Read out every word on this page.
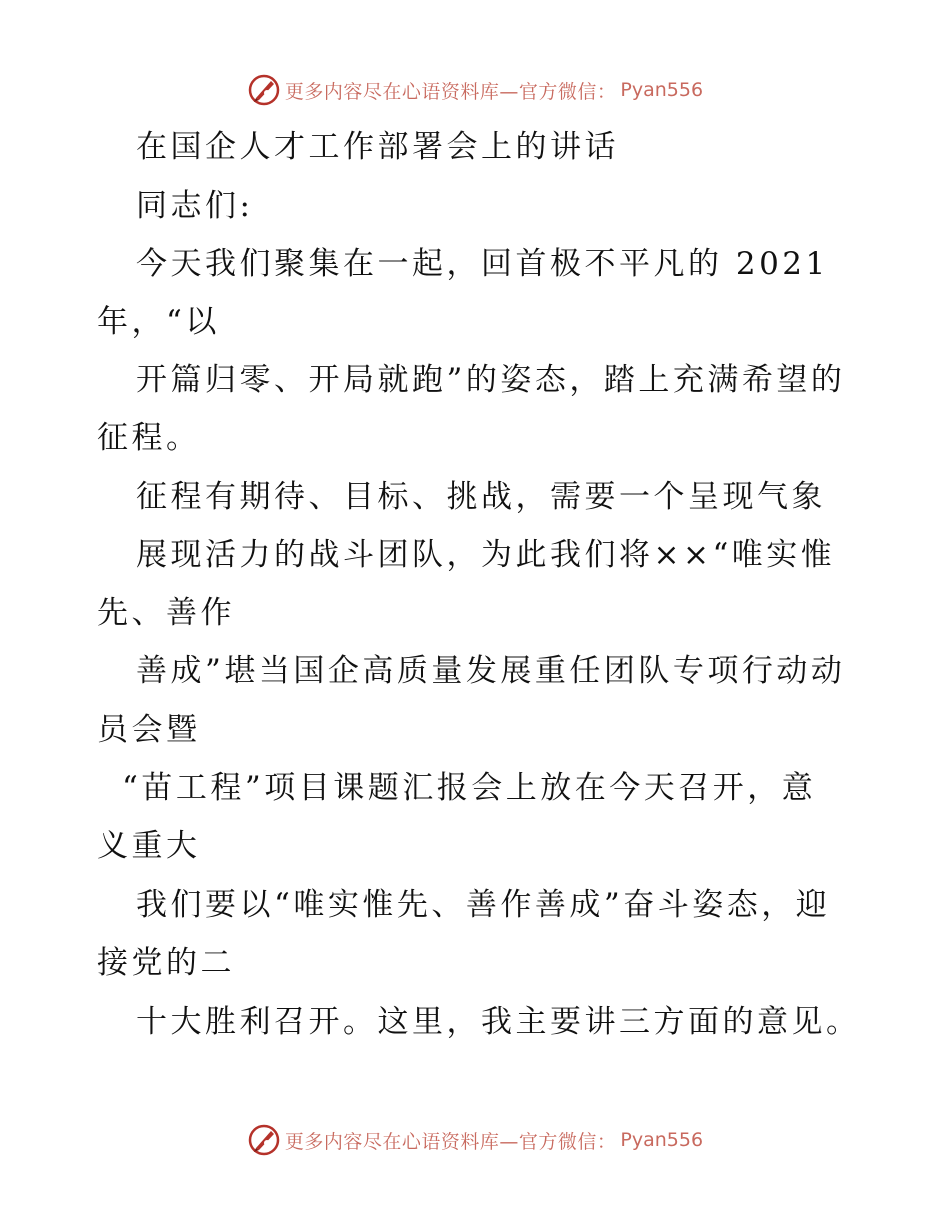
更多内容尽在心语资料库—官方微信： Pyan556
在国企人才工作部署会上的讲话
同志们:
今天我们聚集在一起，回首极不平凡的 2021
年，“以
开篇归零、开局就跑”的姿态，踏上充满希望的
征程。
征程有期待、目标、挑战，需要一个呈现气象
展现活力的战斗团队，为此我们将××“唯实惟
先、善作
善成”堪当国企高质量发展重任团队专项行动动
员会暨
“苗工程”项目课题汇报会上放在今天召开，意
义重大
我们要以“唯实惟先、善作善成”奋斗姿态，迎
接党的二
十大胜利召开。这里，我主要讲三方面的意见。
更多内容尽在心语资料库—官方微信： Pyan556
